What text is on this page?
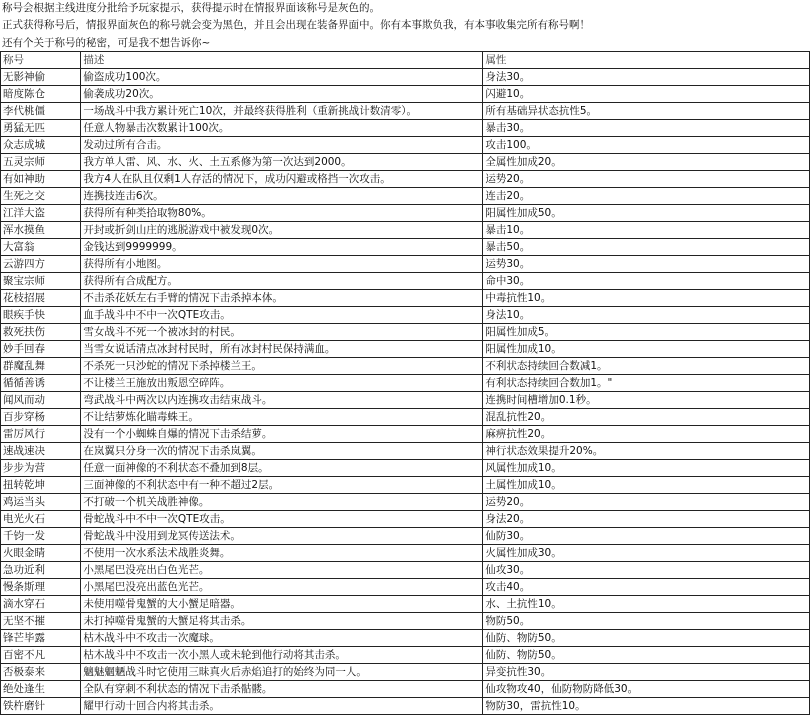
称号会根据主线进度分批给予玩家提示，获得提示时在情报界面该称号是灰色的。
正式获得称号后，情报界面灰色的称号就会变为黑色，并且会出现在装备界面中。你有本事欺负我，有本事收集完所有称号啊！
还有个关于称号的秘密，可是我不想告诉你~
称号	描述	属性
无影神偷	偷盗成功100次。	身法30。
暗度陈仓	偷袭成功20次。	闪避10。
李代桃僵	一场战斗中我方累计死亡10次，并最终获得胜利（重新挑战计数清零）。	所有基础异状态抗性5。
勇猛无匹	任意人物暴击次数累计100次。	暴击30。
众志成城	发动过所有合击。	攻击100。
五灵宗师	我方单人雷、风、水、火、土五系修为第一次达到2000。	全属性加成20。
有如神助	我方4人在队且仅剩1人存活的情况下，成功闪避或格挡一次攻击。	运势20。
生死之交	连携技连击6次。	连击20。
江洋大盗	获得所有种类拾取物80%。	阳属性加成50。
浑水摸鱼	开封或折剑山庄的逃脱游戏中被发现0次。	暴击10。
大富翁	金钱达到9999999。	暴击50。
云游四方	获得所有小地图。	运势30。
聚宝宗师	获得所有合成配方。	命中30。
花枝招展	不击杀花妖左右手臂的情况下击杀掉本体。	中毒抗性10。
眼疾手快	血手战斗中不中一次QTE攻击。	身法10。
救死扶伤	雪女战斗不死一个被冰封的村民。	阳属性加成5。
妙手回春	当雪女说话清点冰封村民时，所有冰封村民保持满血。	阳属性加成10。
群魔乱舞	不杀死一只沙蛇的情况下杀掉楼兰王。	不利状态持续回合数减1。
循循善诱	不让楼兰王施放出叛恩空碎阵。	有利状态持续回合数加1。"
闻风而动	弯武战斗中两次以内连携攻击结束战斗。	连携时间槽增加0.1秒。
百步穿杨	不让结萝炼化瞄毒蛛王。	混乱抗性20。
雷厉风行	没有一个小蜘蛛自爆的情况下击杀结萝。	麻痹抗性20。
速战速决	在岚翼只分身一次的情况下击杀岚翼。	神行状态效果提升20%。
步步为营	任意一面神像的不利状态不叠加到8层。	风属性加成10。
扭转乾坤	三面神像的不利状态中有一种不超过2层。	土属性加成10。
鸡运当头	不打破一个机关战胜神像。	运势20。
电光火石	骨蛇战斗中不中一次QTE攻击。	身法20。
千钧一发	骨蛇战斗中没用到龙冥传送法术。	仙防30。
火眼金睛	不使用一次水系法术战胜炎舞。	火属性加成30。
急功近利	小黑尾巴没亮出白色光芒。	仙攻30。
慢条斯理	小黑尾巴没亮出蓝色光芒。	攻击40。
滴水穿石	未使用噬骨鬼蟹的大小蟹足暗器。	水、土抗性10。
无坚不摧	未打掉噬骨鬼蟹的大蟹足将其击杀。	物防50。
锋芒毕露	枯木战斗中不攻击一次魔球。	仙防、物防50。
百密不凡	枯木战斗中不攻击一次小黑人或未轮到他行动将其击杀。	仙防、物防50。
否极泰来	魑魅魍魉战斗时它使用三昧真火后赤焰追打的始终为同一人。	异变抗性30。
绝处逢生	全队有穿刺不利状态的情况下击杀骷髅。	仙攻物攻40，仙防物防降低30。
铁杵磨针	耀甲行动十回合内将其击杀。	物防30，雷抗性10。
